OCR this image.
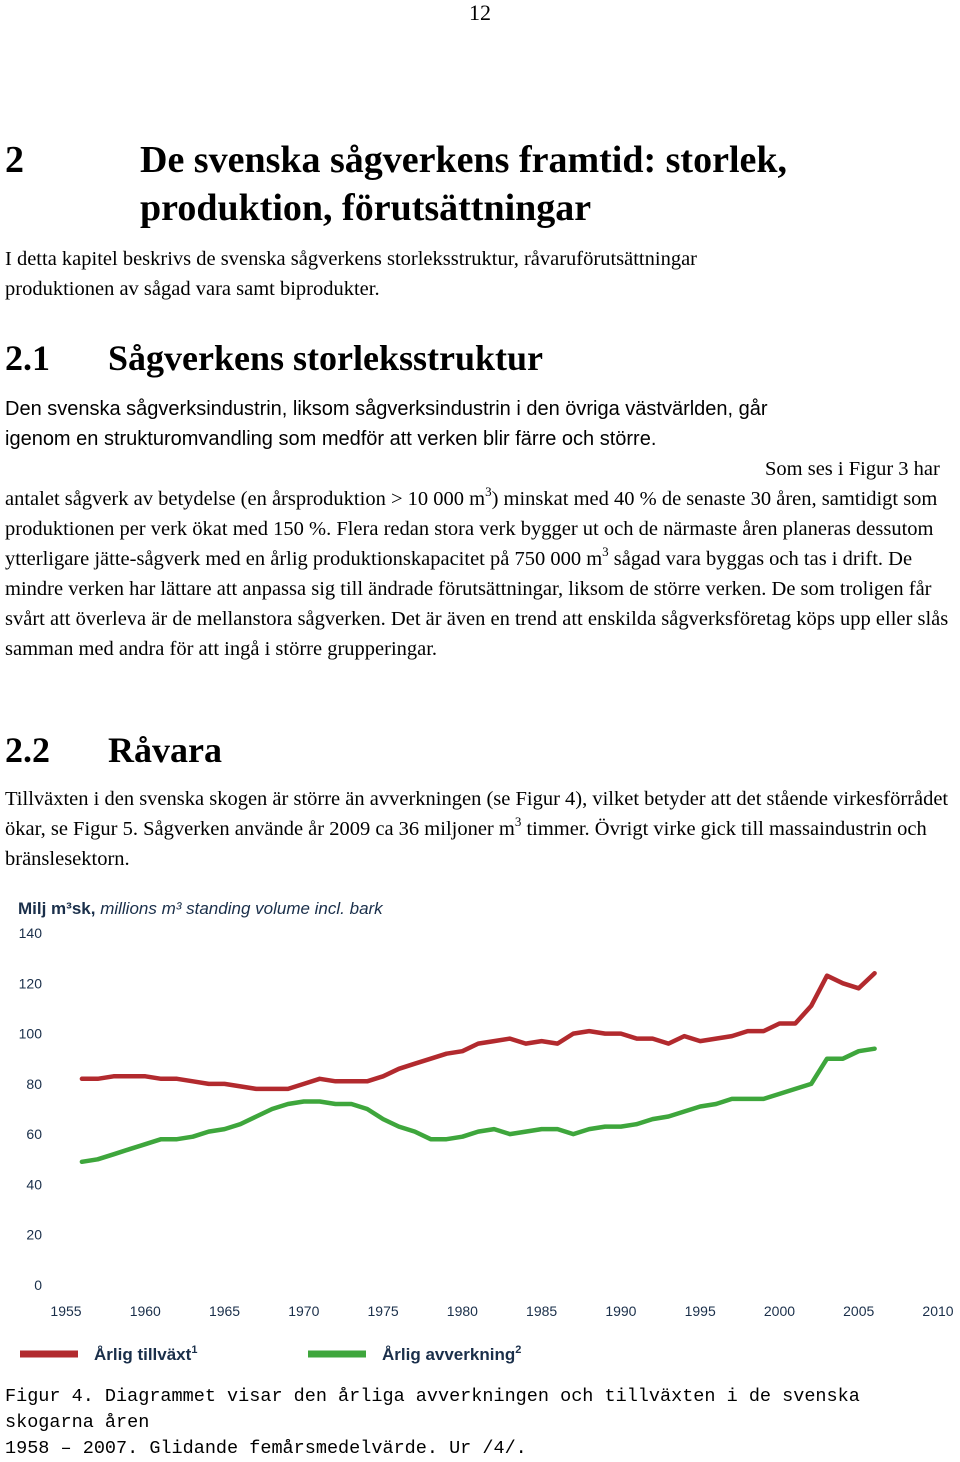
12
2	De svenska sågverkens framtid: storlek, produktion, förutsättningar
I detta kapitel beskrivs de svenska sågverkens storleksstruktur, råvaruförutsättningar
produktionen av sågad vara samt biprodukter.
2.1 Sågverkens storleksstruktur
Den svenska sågverksindustrin, liksom sågverksindustrin i den övriga västvärlden, går
igenom en strukturomvandling som medför att verken blir färre och större.
Som ses i Figur 3 har antalet sågverk av betydelse (en årsproduktion > 10 000 $m^3$) minskat med 40 % de senaste 30 åren, samtidigt som produktionen per verk ökat med 150 %. Flera redan stora verk bygger ut och de närmaste åren planeras dessutom ytterligare jätte-sågverk med en årlig produktionskapacitet på 750 000 $m^3$ sågad vara byggas och tas i drift. De mindre verken har lättare att anpassa sig till ändrade förutsättningar, liksom de större verken. De som troligen får svårt att överleva är de mellanstora sågverken. Det är även en trend att enskilda sågverksföretag köps upp eller slås samman med andra för att ingå i större grupperingar.
2.2 Råvara
Tillväxten i den svenska skogen är större än avverkningen (se Figur 4), vilket betyder att det stående virkesförrådet ökar, se Figur 5. Sågverken använde år 2009 ca 36 miljoner $m^3$ timmer. Övrigt virke gick till massaindustrin och bränslesektorn.
Milj m³sk, millions m³ standing volume incl. bark
0
20
40
60
80
100
120
140
1955	1960	1965	1970	1975	1980	1985	1990	1995	2000	2005	2010
Årlig tillväxt$^1$	Årlig avverkning$^2$
Figur 4. Diagrammet visar den årliga avverkningen och tillväxten i de svenska skogarna åren
1958 – 2007. Glidande femårsmedelvärde. Ur /4/.
